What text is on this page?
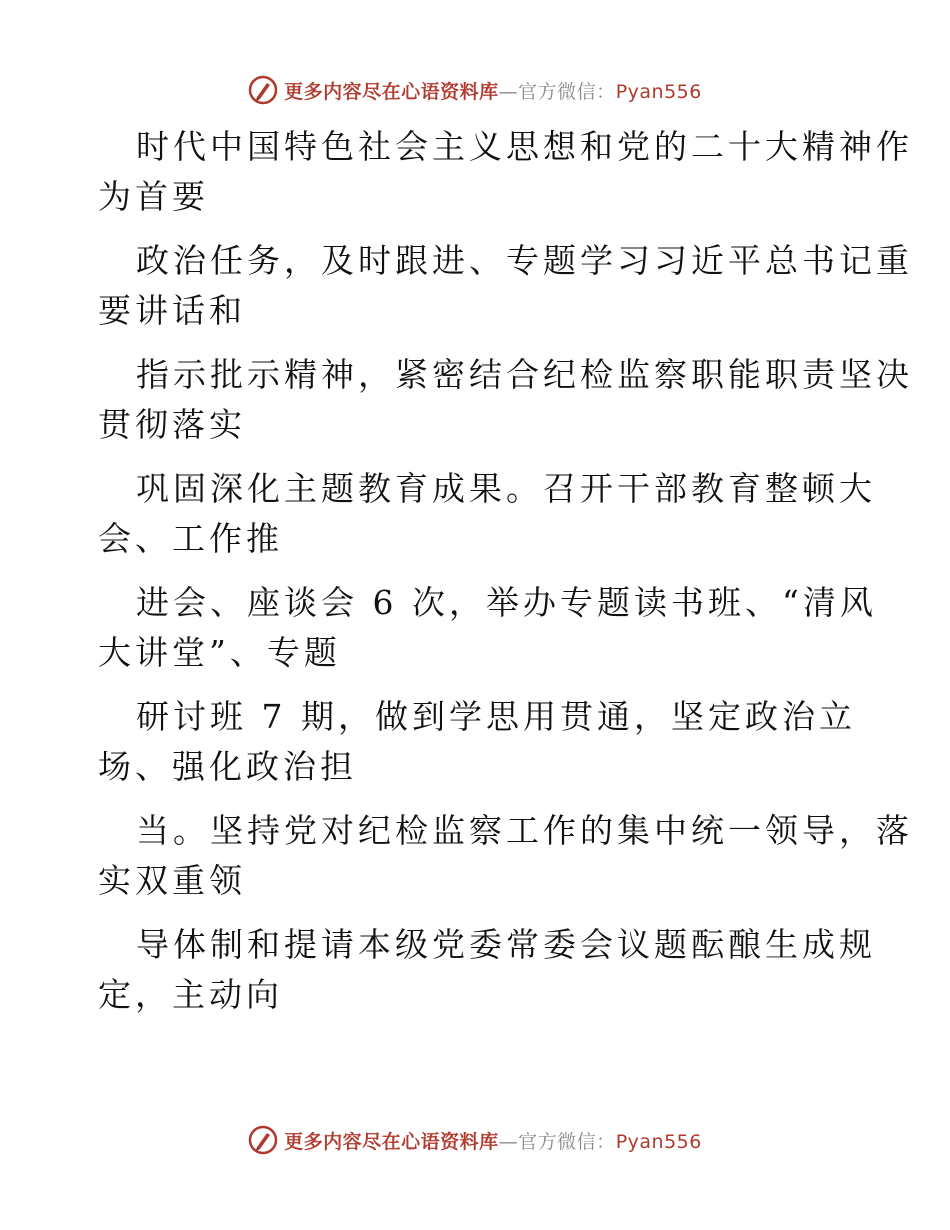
更多内容尽在心语资料库—官方微信：Pyan556

时代中国特色社会主义思想和党的二十大精神作
为首要

政治任务，及时跟进、专题学习习近平总书记重
要讲话和

指示批示精神，紧密结合纪检监察职能职责坚决
贯彻落实

巩固深化主题教育成果。召开干部教育整顿大
会、工作推

进会、座谈会 6 次，举办专题读书班、“清风
大讲堂”、专题

研讨班 7 期，做到学思用贯通，坚定政治立
场、强化政治担

当。坚持党对纪检监察工作的集中统一领导，落
实双重领

导体制和提请本级党委常委会议题酝酿生成规
定，主动向

更多内容尽在心语资料库—官方微信：Pyan556
